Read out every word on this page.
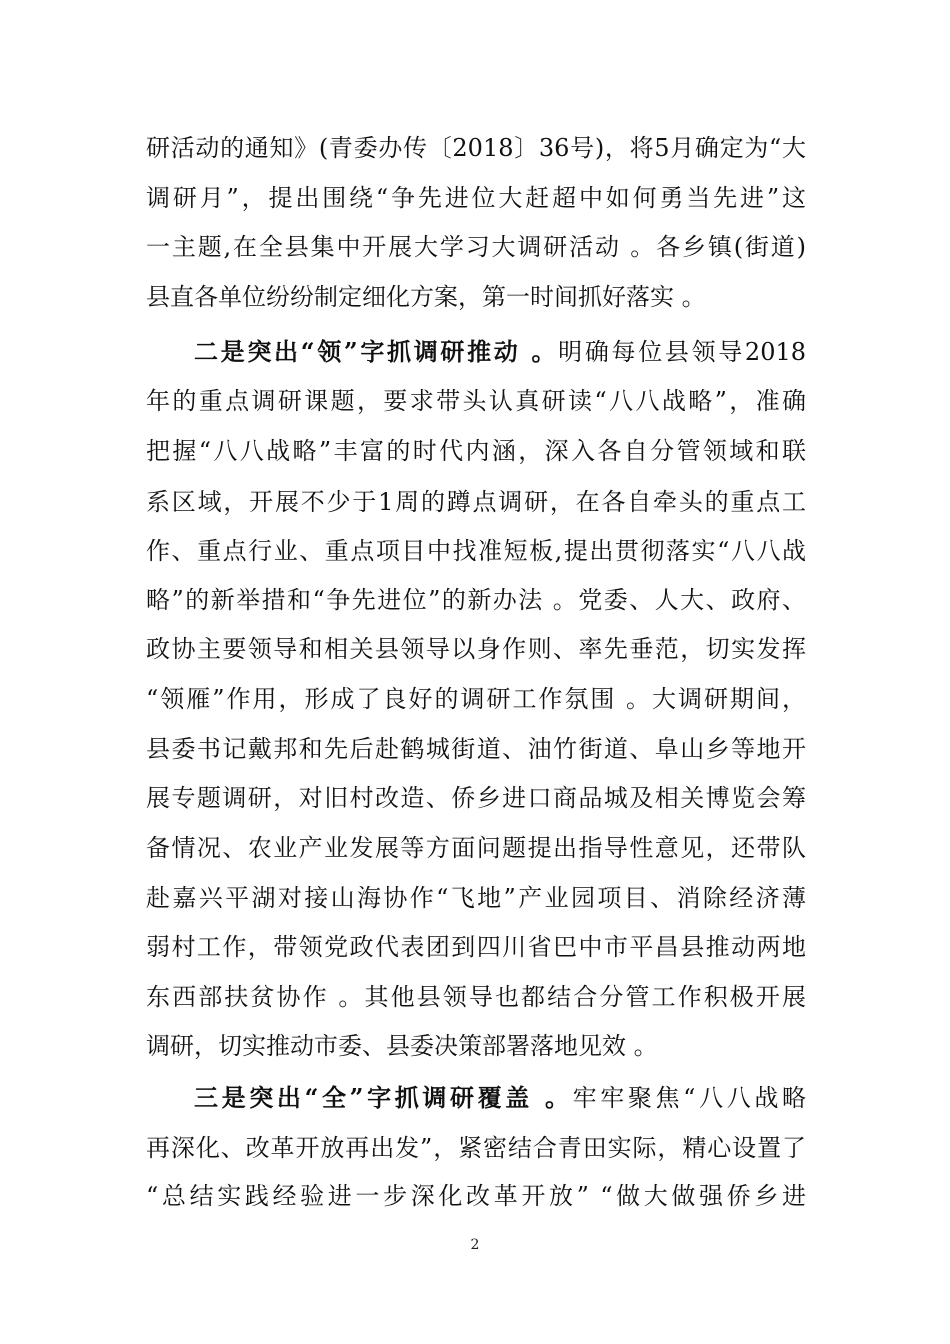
研活动的通知》(青委办传〔2018〕36号)，将5月确定为“大
调研月”，提出围绕“争先进位大赶超中如何勇当先进”这
一主题,在全县集中开展大学习大调研活动 。各乡镇(街道)
县直各单位纷纷制定细化方案，第一时间抓好落实 。
二是突出“领”字抓调研推动 。明确每位县领导2018
年的重点调研课题，要求带头认真研读“八八战略”，准确
把握“八八战略”丰富的时代内涵，深入各自分管领域和联
系区域，开展不少于1周的蹲点调研，在各自牵头的重点工
作、重点行业、重点项目中找准短板,提出贯彻落实“八八战
略”的新举措和“争先进位”的新办法 。党委、人大、政府、
政协主要领导和相关县领导以身作则、率先垂范，切实发挥
“领雁”作用，形成了良好的调研工作氛围 。大调研期间，
县委书记戴邦和先后赴鹤城街道、油竹街道、阜山乡等地开
展专题调研，对旧村改造、侨乡进口商品城及相关博览会筹
备情况、农业产业发展等方面问题提出指导性意见，还带队
赴嘉兴平湖对接山海协作“飞地”产业园项目、消除经济薄
弱村工作，带领党政代表团到四川省巴中市平昌县推动两地
东西部扶贫协作 。其他县领导也都结合分管工作积极开展
调研，切实推动市委、县委决策部署落地见效 。
三是突出“全”字抓调研覆盖 。牢牢聚焦“八八战略
再深化、改革开放再出发”，紧密结合青田实际，精心设置了
“总结实践经验进一步深化改革开放” “做大做强侨乡进
2
